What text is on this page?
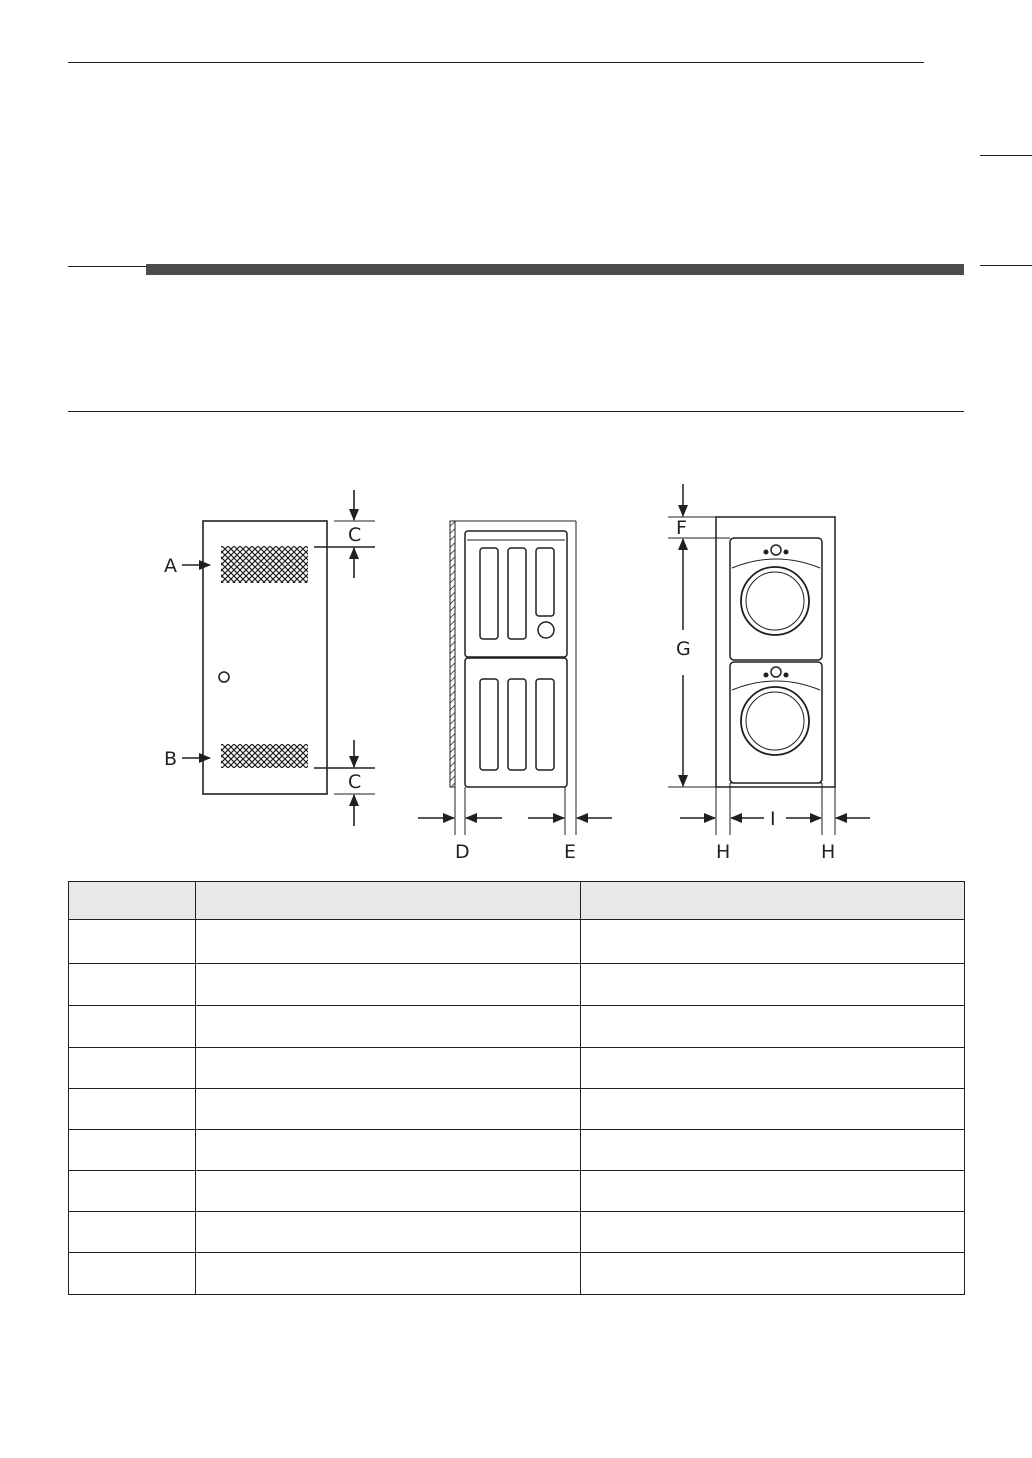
A
B
C
C
D	E
F
G
H
I
H
